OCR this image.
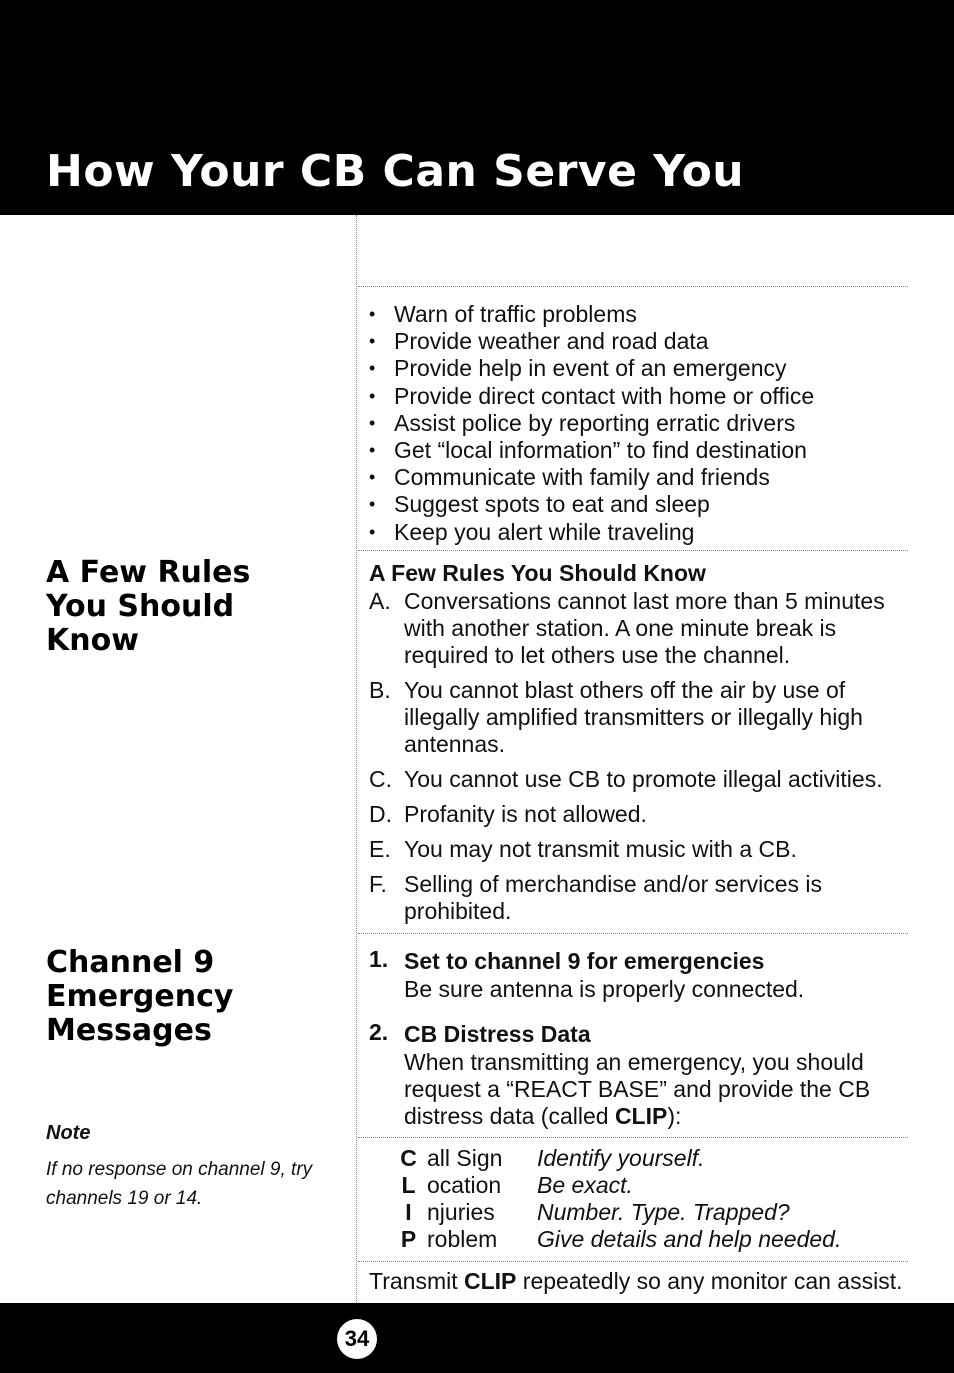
How Your CB Can Serve You
A Few Rules
You Should
Know
Channel 9
Emergency
Messages
Note
If no response on channel 9, try channels 19 or 14.
• Warn of traffic problems
• Provide weather and road data
• Provide help in event of an emergency
• Provide direct contact with home or office
• Assist police by reporting erratic drivers
• Get “local information” to find destination
• Communicate with family and friends
• Suggest spots to eat and sleep
• Keep you alert while traveling
A Few Rules You Should Know
A. Conversations cannot last more than 5 minutes with another station. A one minute break is required to let others use the channel.
B. You cannot blast others off the air by use of illegally amplified transmitters or illegally high antennas.
C. You cannot use CB to promote illegal activities.
D. Profanity is not allowed.
E. You may not transmit music with a CB.
F. Selling of merchandise and/or services is prohibited.
1. Set to channel 9 for emergencies
Be sure antenna is properly connected.
2. CB Distress Data
When transmitting an emergency, you should request a “REACT BASE” and provide the CB distress data (called CLIP):
C	all Sign	Identify yourself.
L	ocation	Be exact.
I	njuries	Number. Type. Trapped?
P	roblem	Give details and help needed.
Transmit CLIP repeatedly so any monitor can assist.
34
